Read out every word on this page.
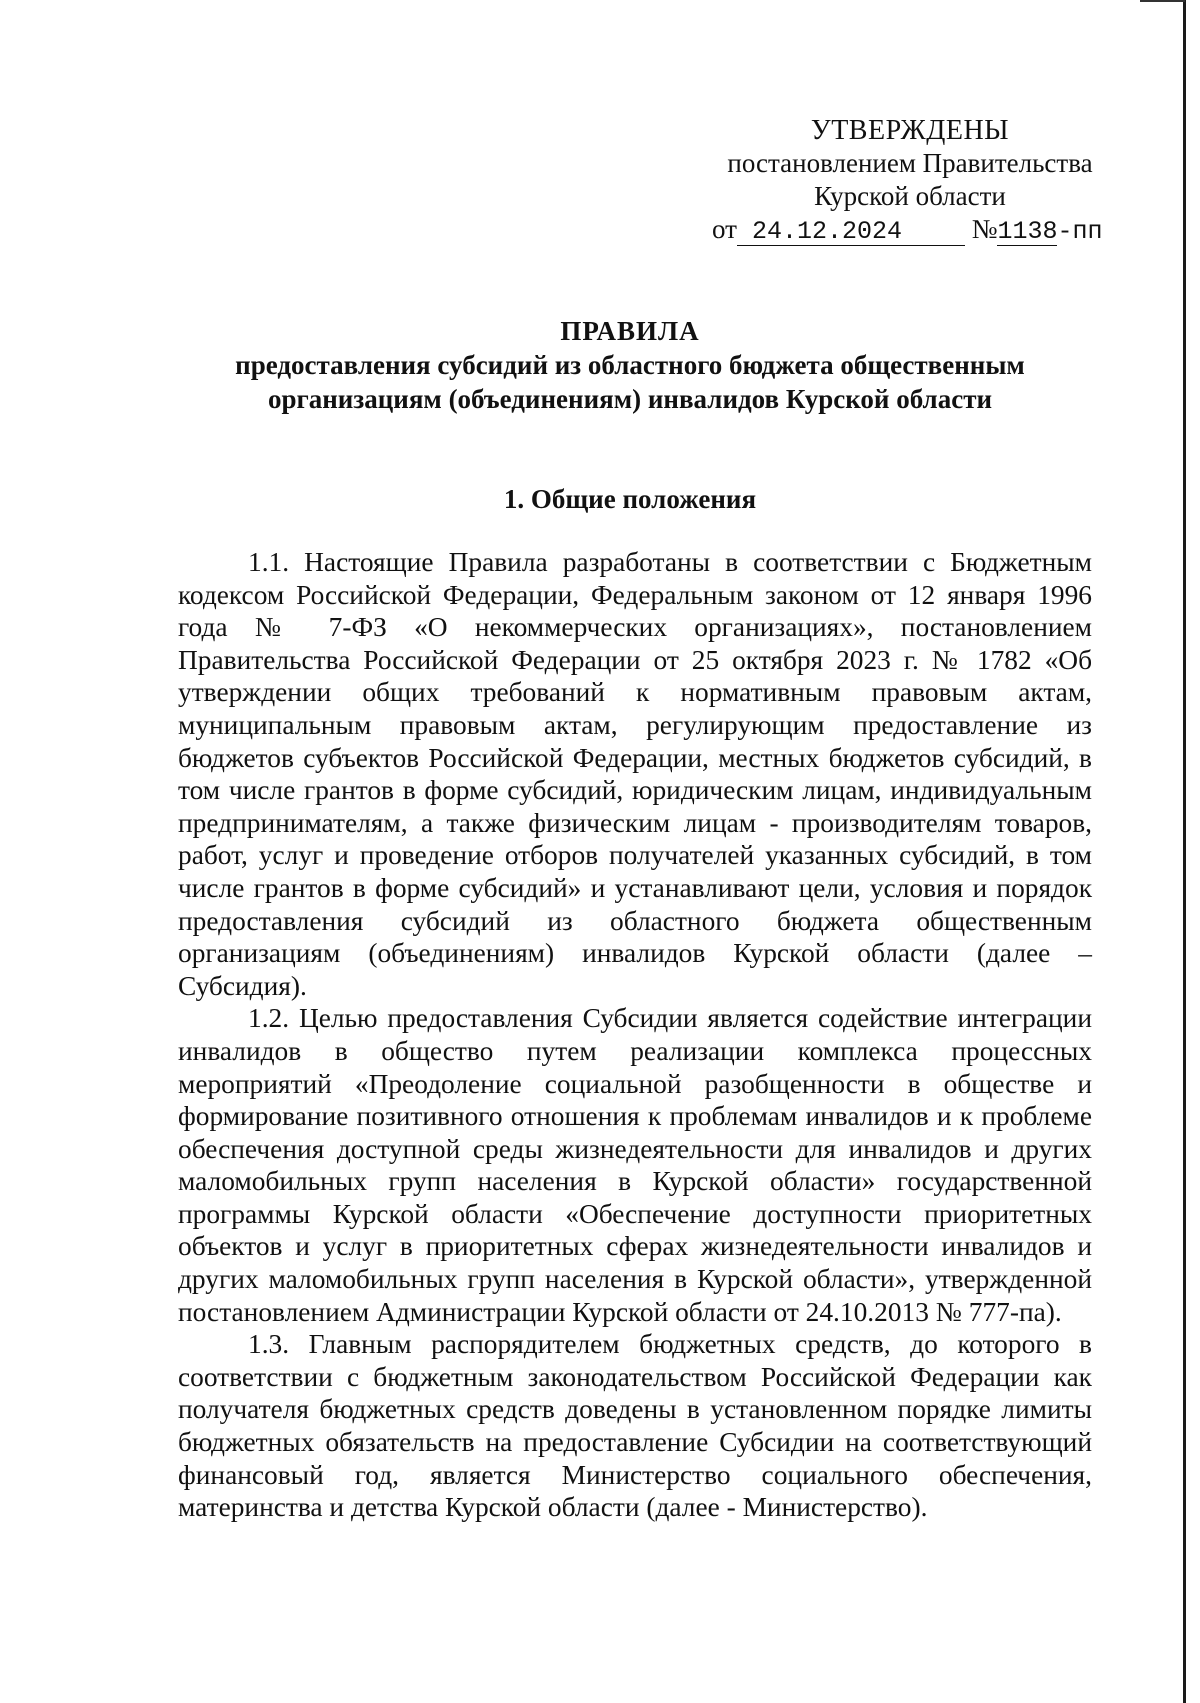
УТВЕРЖДЕНЫ
постановлением Правительства
Курской области
от 24.12.2024	№1138-пп
ПРАВИЛА
предоставления субсидий из областного бюджета общественным
организациям (объединениям) инвалидов Курской области
1. Общие положения

1.1. Настоящие Правила разработаны в соответствии с Бюджетным кодексом Российской Федерации, Федеральным законом от 12 января 1996 года № 7-ФЗ «О некоммерческих организациях», постановлением Правительства Российской Федерации от 25 октября 2023 г. № 1782 «Об утверждении общих требований к нормативным правовым актам, муниципальным правовым актам, регулирующим предоставление из бюджетов субъектов Российской Федерации, местных бюджетов субсидий, в том числе грантов в форме субсидий, юридическим лицам, индивидуальным предпринимателям, а также физическим лицам - производителям товаров, работ, услуг и проведение отборов получателей указанных субсидий, в том числе грантов в форме субсидий» и устанавливают цели, условия и порядок предоставления субсидий из областного бюджета общественным организациям (объединениям) инвалидов Курской области (далее – Субсидия).

1.2. Целью предоставления Субсидии является содействие интеграции инвалидов в общество путем реализации комплекса процессных мероприятий «Преодоление социальной разобщенности в обществе и формирование позитивного отношения к проблемам инвалидов и к проблеме обеспечения доступной среды жизнедеятельности для инвалидов и других маломобильных групп населения в Курской области» государственной программы Курской области «Обеспечение доступности приоритетных объектов и услуг в приоритетных сферах жизнедеятельности инвалидов и других маломобильных групп населения в Курской области», утвержденной постановлением Администрации Курской области от 24.10.2013 № 777-па).

1.3. Главным распорядителем бюджетных средств, до которого в соответствии с бюджетным законодательством Российской Федерации как получателя бюджетных средств доведены в установленном порядке лимиты бюджетных обязательств на предоставление Субсидии на соответствующий финансовый год, является Министерство социального обеспечения, материнства и детства Курской области (далее - Министерство).
